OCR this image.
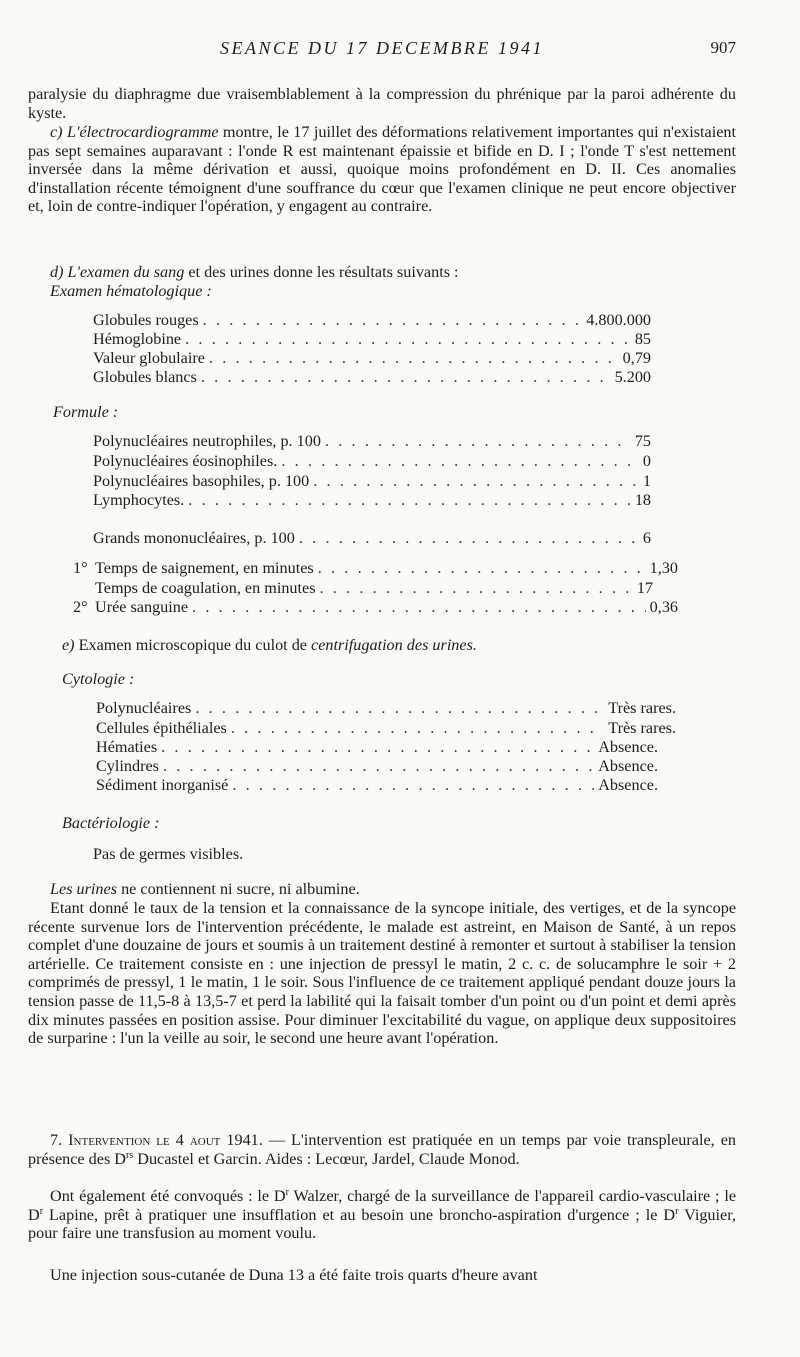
SEANCE DU 17 DECEMBRE 1941	907

paralysie du diaphragme due vraisemblablement à la compression du phrénique par la paroi adhérente du kyste.

c) L'électrocardiogramme montre, le 17 juillet des déformations relativement importantes qui n'existaient pas sept semaines auparavant : l'onde R est maintenant épaissie et bifide en D. I ; l'onde T s'est nettement inversée dans la même dérivation et aussi, quoique moins profondément en D. II. Ces anomalies d'installation récente témoignent d'une souffrance du cœur que l'examen clinique ne peut encore objectiver et, loin de contre-indiquer l'opération, y engagent au contraire.

d) L'examen du sang et des urines donne les résultats suivants :

Examen hématologique :

Globules rouges . . .	4.800.000
Hémoglobine . . .	85
Valeur globulaire . . .	0,79
Globules blancs . . .	5.200

Formule :

Polynucléaires neutrophiles, p. 100 . . .	75
Polynucléaires éosinophiles. . . .	0
Polynucléaires basophiles, p. 100 . . .	1
Lymphocytes. . . .	18
Grands mononucléaires, p. 100 . . .	6
1° Temps de saignement, en minutes . . .	1,30
Temps de coagulation, en minutes . . .	17
2° Urée sanguine . . .	0,36

e) Examen microscopique du culot de centrifugation des urines.

Cytologie :

Polynucléaires . . .	Très rares.
Cellules épithéliales . . .	Très rares.
Hématies . . .	Absence.
Cylindres . . .	Absence.
Sédiment inorganisé . . .	Absence.

Bactériologie :

Pas de germes visibles.

Les urines ne contiennent ni sucre, ni albumine.

Etant donné le taux de la tension et la connaissance de la syncope initiale, des vertiges, et de la syncope récente survenue lors de l'intervention précédente, le malade est astreint, en Maison de Santé, à un repos complet d'une douzaine de jours et soumis à un traitement destiné à remonter et surtout à stabiliser la tension artérielle. Ce traitement consiste en : une injection de pressyl le matin, 2 c. c. de solucamphre le soir + 2 comprimés de pressyl, 1 le matin, 1 le soir. Sous l'influence de ce traitement appliqué pendant douze jours la tension passe de 11,5-8 à 13,5-7 et perd la labilité qui la faisait tomber d'un point ou d'un point et demi après dix minutes passées en position assise. Pour diminuer l'excitabilité du vague, on applique deux suppositoires de surparine : l'un la veille au soir, le second une heure avant l'opération.

7. Intervention le 4 aout 1941. — L'intervention est pratiquée en un temps par voie transpleurale, en présence des $D^{rs}$ Ducastel et Garcin. Aides : Lecœur, Jardel, Claude Monod.

Ont également été convoqués : le $D^r$ Walzer, chargé de la surveillance de l'appareil cardio-vasculaire ; le $D^r$ Lapine, prêt à pratiquer une insufflation et au besoin une broncho-aspiration d'urgence ; le $D^r$ Viguier, pour faire une transfusion au moment voulu.

Une injection sous-cutanée de Duna 13 a été faite trois quarts d'heure avant
